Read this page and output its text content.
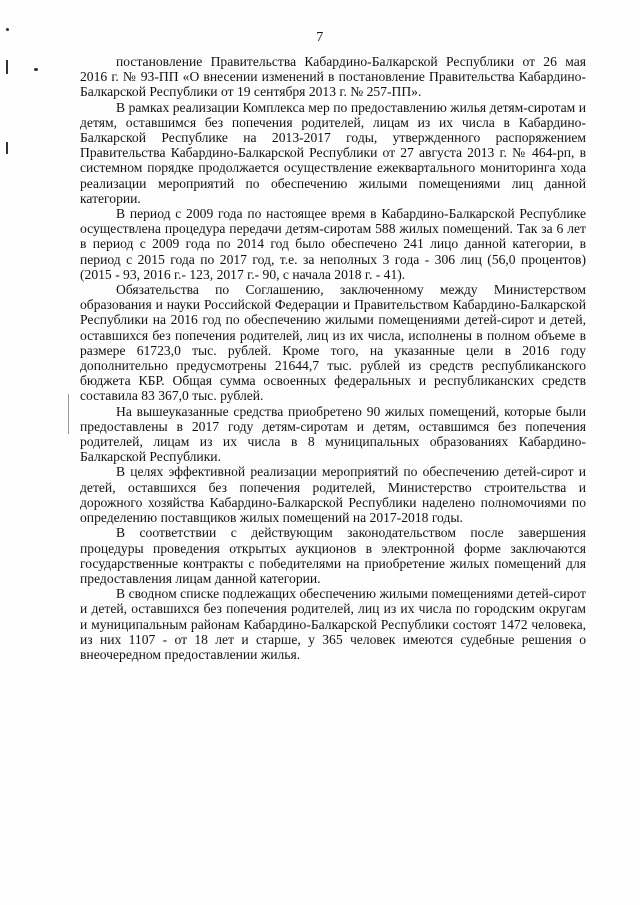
7

постановление Правительства Кабардино-Балкарской Республики от 26 мая 2016 г. № 93-ПП «О внесении изменений в постановление Правительства Кабардино-Балкарской Республики от 19 сентября 2013 г. № 257-ПП».

В рамках реализации Комплекса мер по предоставлению жилья детям-сиротам и детям, оставшимся без попечения родителей, лицам из их числа в Кабардино-Балкарской Республике на 2013-2017 годы, утвержденного распоряжением Правительства Кабардино-Балкарской Республики от 27 августа 2013 г. № 464-рп, в системном порядке продолжается осуществление ежеквартального мониторинга хода реализации мероприятий по обеспечению жилыми помещениями лиц данной категории.

В период с 2009 года по настоящее время в Кабардино-Балкарской Республике осуществлена процедура передачи детям-сиротам 588 жилых помещений. Так за 6 лет в период с 2009 года по 2014 год было обеспечено 241 лицо данной категории, в период с 2015 года по 2017 год, т.е. за неполных 3 года - 306 лиц (56,0 процентов) (2015 - 93, 2016 г.- 123, 2017 г.- 90, с начала 2018 г. - 41).

Обязательства по Соглашению, заключенному между Министерством образования и науки Российской Федерации и Правительством Кабардино-Балкарской Республики на 2016 год по обеспечению жилыми помещениями детей-сирот и детей, оставшихся без попечения родителей, лиц из их числа, исполнены в полном объеме в размере 61723,0 тыс. рублей. Кроме того, на указанные цели в 2016 году дополнительно предусмотрены 21644,7 тыс. рублей из средств республиканского бюджета КБР. Общая сумма освоенных федеральных и республиканских средств составила 83 367,0 тыс. рублей.

На вышеуказанные средства приобретено 90 жилых помещений, которые были предоставлены в 2017 году детям-сиротам и детям, оставшимся без попечения родителей, лицам из их числа в 8 муниципальных образованиях Кабардино-Балкарской Республики.

В целях эффективной реализации мероприятий по обеспечению детей-сирот и детей, оставшихся без попечения родителей, Министерство строительства и дорожного хозяйства Кабардино-Балкарской Республики наделено полномочиями по определению поставщиков жилых помещений на 2017-2018 годы.

В соответствии с действующим законодательством после завершения процедуры проведения открытых аукционов в электронной форме заключаются государственные контракты с победителями на приобретение жилых помещений для предоставления лицам данной категории.

В сводном списке подлежащих обеспечению жилыми помещениями детей-сирот и детей, оставшихся без попечения родителей, лиц из их числа по городским округам и муниципальным районам Кабардино-Балкарской Республики состоят 1472 человека, из них 1107 - от 18 лет и старше, у 365 человек имеются судебные решения о внеочередном предоставлении жилья.
